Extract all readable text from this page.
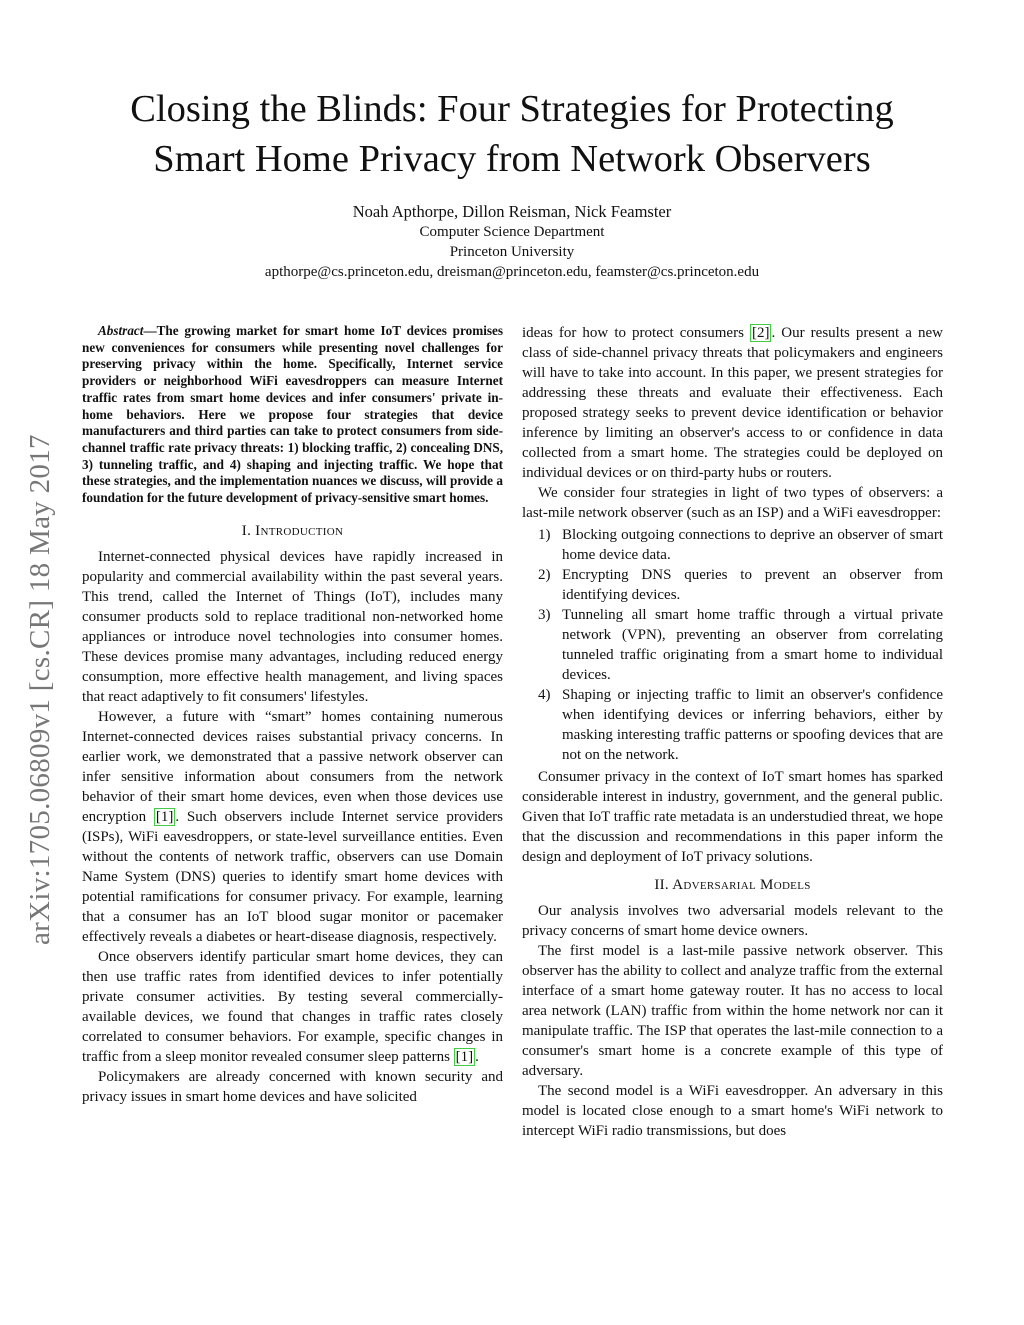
Closing the Blinds: Four Strategies for Protecting
Smart Home Privacy from Network Observers
Noah Apthorpe, Dillon Reisman, Nick Feamster
Computer Science Department
Princeton University
apthorpe@cs.princeton.edu, dreisman@princeton.edu, feamster@cs.princeton.edu
arXiv:1705.06809v1 [cs.CR] 18 May 2017

Abstract—The growing market for smart home IoT devices promises new conveniences for consumers while presenting novel challenges for preserving privacy within the home. Specifically, Internet service providers or neighborhood WiFi eavesdroppers can measure Internet traffic rates from smart home devices and infer consumers' private in-home behaviors. Here we propose four strategies that device manufacturers and third parties can take to protect consumers from side-channel traffic rate privacy threats: 1) blocking traffic, 2) concealing DNS, 3) tunneling traffic, and 4) shaping and injecting traffic. We hope that these strategies, and the implementation nuances we discuss, will provide a foundation for the future development of privacy-sensitive smart homes.

I. Introduction

Internet-connected physical devices have rapidly increased in popularity and commercial availability within the past several years. This trend, called the Internet of Things (IoT), includes many consumer products sold to replace traditional non-networked home appliances or introduce novel technologies into consumer homes. These devices promise many advantages, including reduced energy consumption, more effective health management, and living spaces that react adaptively to fit consumers' lifestyles.

However, a future with “smart” homes containing numerous Internet-connected devices raises substantial privacy concerns. In earlier work, we demonstrated that a passive network observer can infer sensitive information about consumers from the network behavior of their smart home devices, even when those devices use encryption [1] . Such observers include Internet service providers (ISPs), WiFi eavesdroppers, or state-level surveillance entities. Even without the contents of network traffic, observers can use Domain Name System (DNS) queries to identify smart home devices with potential ramifications for consumer privacy. For example, learning that a consumer has an IoT blood sugar monitor or pacemaker effectively reveals a diabetes or heart-disease diagnosis, respectively.

Once observers identify particular smart home devices, they can then use traffic rates from identified devices to infer potentially private consumer activities. By testing several commercially-available devices, we found that changes in traffic rates closely correlated to consumer behaviors. For example, specific changes in traffic from a sleep monitor revealed consumer sleep patterns [1] .

Policymakers are already concerned with known security and privacy issues in smart home devices and have solicited

ideas for how to protect consumers [2] . Our results present a new class of side-channel privacy threats that policymakers and engineers will have to take into account. In this paper, we present strategies for addressing these threats and evaluate their effectiveness. Each proposed strategy seeks to prevent device identification or behavior inference by limiting an observer's access to or confidence in data collected from a smart home. The strategies could be deployed on individual devices or on third-party hubs or routers.

We consider four strategies in light of two types of observers: a last-mile network observer (such as an ISP) and a WiFi eavesdropper:

1) Blocking outgoing connections to deprive an observer of smart home device data.
2) Encrypting DNS queries to prevent an observer from identifying devices.
3) Tunneling all smart home traffic through a virtual private network (VPN), preventing an observer from correlating tunneled traffic originating from a smart home to individual devices.
4) Shaping or injecting traffic to limit an observer's confidence when identifying devices or inferring behaviors, either by masking interesting traffic patterns or spoofing devices that are not on the network.

Consumer privacy in the context of IoT smart homes has sparked considerable interest in industry, government, and the general public. Given that IoT traffic rate metadata is an understudied threat, we hope that the discussion and recommendations in this paper inform the design and deployment of IoT privacy solutions.

II. Adversarial Models

Our analysis involves two adversarial models relevant to the privacy concerns of smart home device owners.

The first model is a last-mile passive network observer. This observer has the ability to collect and analyze traffic from the external interface of a smart home gateway router. It has no access to local area network (LAN) traffic from within the home network nor can it manipulate traffic. The ISP that operates the last-mile connection to a consumer's smart home is a concrete example of this type of adversary.

The second model is a WiFi eavesdropper. An adversary in this model is located close enough to a smart home's WiFi network to intercept WiFi radio transmissions, but does
